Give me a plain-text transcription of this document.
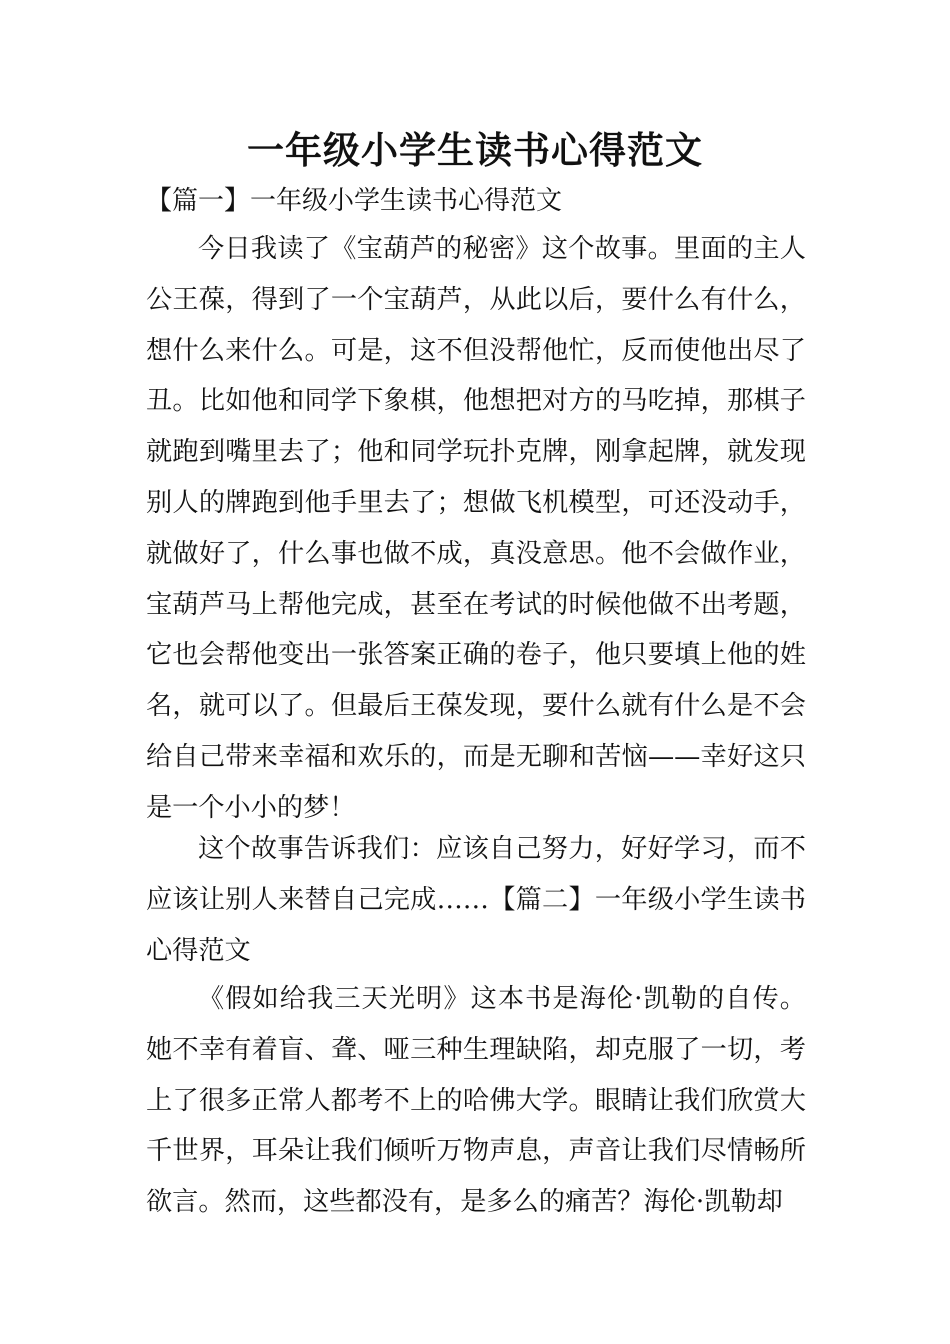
一年级小学生读书心得范文
【篇一】一年级小学生读书心得范文

今日我读了《宝葫芦的秘密》这个故事。里面的主人公王葆，得到了一个宝葫芦，从此以后，要什么有什么，想什么来什么。可是，这不但没帮他忙，反而使他出尽了丑。比如他和同学下象棋，他想把对方的马吃掉，那棋子就跑到嘴里去了；他和同学玩扑克牌，刚拿起牌，就发现别人的牌跑到他手里去了；想做飞机模型，可还没动手，就做好了，什么事也做不成，真没意思。他不会做作业，宝葫芦马上帮他完成，甚至在考试的时候他做不出考题，它也会帮他变出一张答案正确的卷子，他只要填上他的姓名，就可以了。但最后王葆发现，要什么就有什么是不会给自己带来幸福和欢乐的，而是无聊和苦恼——幸好这只是一个小小的梦！

这个故事告诉我们：应该自己努力，好好学习，而不应该让别人来替自己完成……【篇二】一年级小学生读书心得范文

《假如给我三天光明》这本书是海伦·凯勒的自传。她不幸有着盲、聋、哑三种生理缺陷，却克服了一切，考上了很多正常人都考不上的哈佛大学。眼睛让我们欣赏大千世界，耳朵让我们倾听万物声息，声音让我们尽情畅所欲言。然而，这些都没有，是多么的痛苦？海伦·凯勒却
